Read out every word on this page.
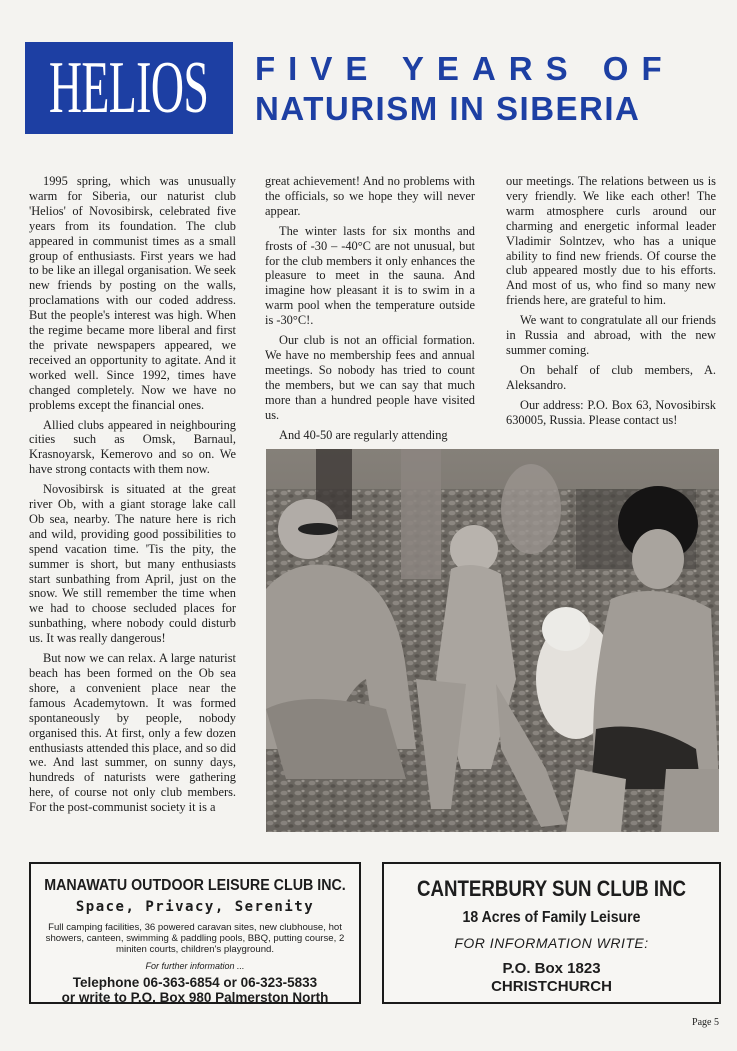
HELIOS FIVE YEARS OF
NATURISM IN SIBERIA

1995 spring, which was unusually warm for Siberia, our naturist club 'Helios' of Novosibirsk, celebrated five years from its foundation. The club appeared in communist times as a small group of enthusiasts. First years we had to be like an illegal organisation. We seek new friends by posting on the walls, proclamations with our coded address. But the people's interest was high. When the regime became more liberal and first the private newspapers appeared, we received an opportunity to agitate. And it worked well. Since 1992, times have changed completely. Now we have no problems except the financial ones.

Allied clubs appeared in neighbouring cities such as Omsk, Barnaul, Krasnoyarsk, Kemerovo and so on. We have strong contacts with them now.

Novosibirsk is situated at the great river Ob, with a giant storage lake call Ob sea, nearby. The nature here is rich and wild, providing good possibilities to spend vacation time. 'Tis the pity, the summer is short, but many enthusiasts start sunbathing from April, just on the snow. We still remember the time when we had to choose secluded places for sunbathing, where nobody could disturb us. It was really dangerous!

But now we can relax. A large naturist beach has been formed on the Ob sea shore, a convenient place near the famous Academytown. It was formed spontaneously by people, nobody organised this. At first, only a few dozen enthusiasts attended this place, and so did we. And last summer, on sunny days, hundreds of naturists were gathering here, of course not only club members. For the post-communist society it is a

great achievement! And no problems with the officials, so we hope they will never appear.

The winter lasts for six months and frosts of -30 – -40°C are not unusual, but for the club members it only enhances the pleasure to meet in the sauna. And imagine how pleasant it is to swim in a warm pool when the temperature outside is -30°C!.

Our club is not an official formation. We have no membership fees and annual meetings. So nobody has tried to count the members, but we can say that much more than a hundred people have visited us.

And 40-50 are regularly attending

our meetings. The relations between us is very friendly. We like each other! The warm atmosphere curls around our charming and energetic informal leader Vladimir Solntzev, who has a unique ability to find new friends. Of course the club appeared mostly due to his efforts. And most of us, who find so many new friends here, are grateful to him.

We want to congratulate all our friends in Russia and abroad, with the new summer coming.

On behalf of club members, A. Aleksandro.

Our address: P.O. Box 63, Novosibirsk 630005, Russia. Please contact us!

MANAWATU OUTDOOR LEISURE CLUB INC.
Space, Privacy, Serenity
Full camping facilities, 36 powered caravan sites, new clubhouse, hot showers, canteen, swimming & paddling pools, BBQ, putting course, 2 miniten courts, children's playground.
For further information ...
Telephone 06-363-6854 or 06-323-5833
or write to P.O. Box 980 Palmerston North
CANTERBURY SUN CLUB INC
18 Acres of Family Leisure
FOR INFORMATION WRITE:
P.O. Box 1823
CHRISTCHURCH
Page 5
